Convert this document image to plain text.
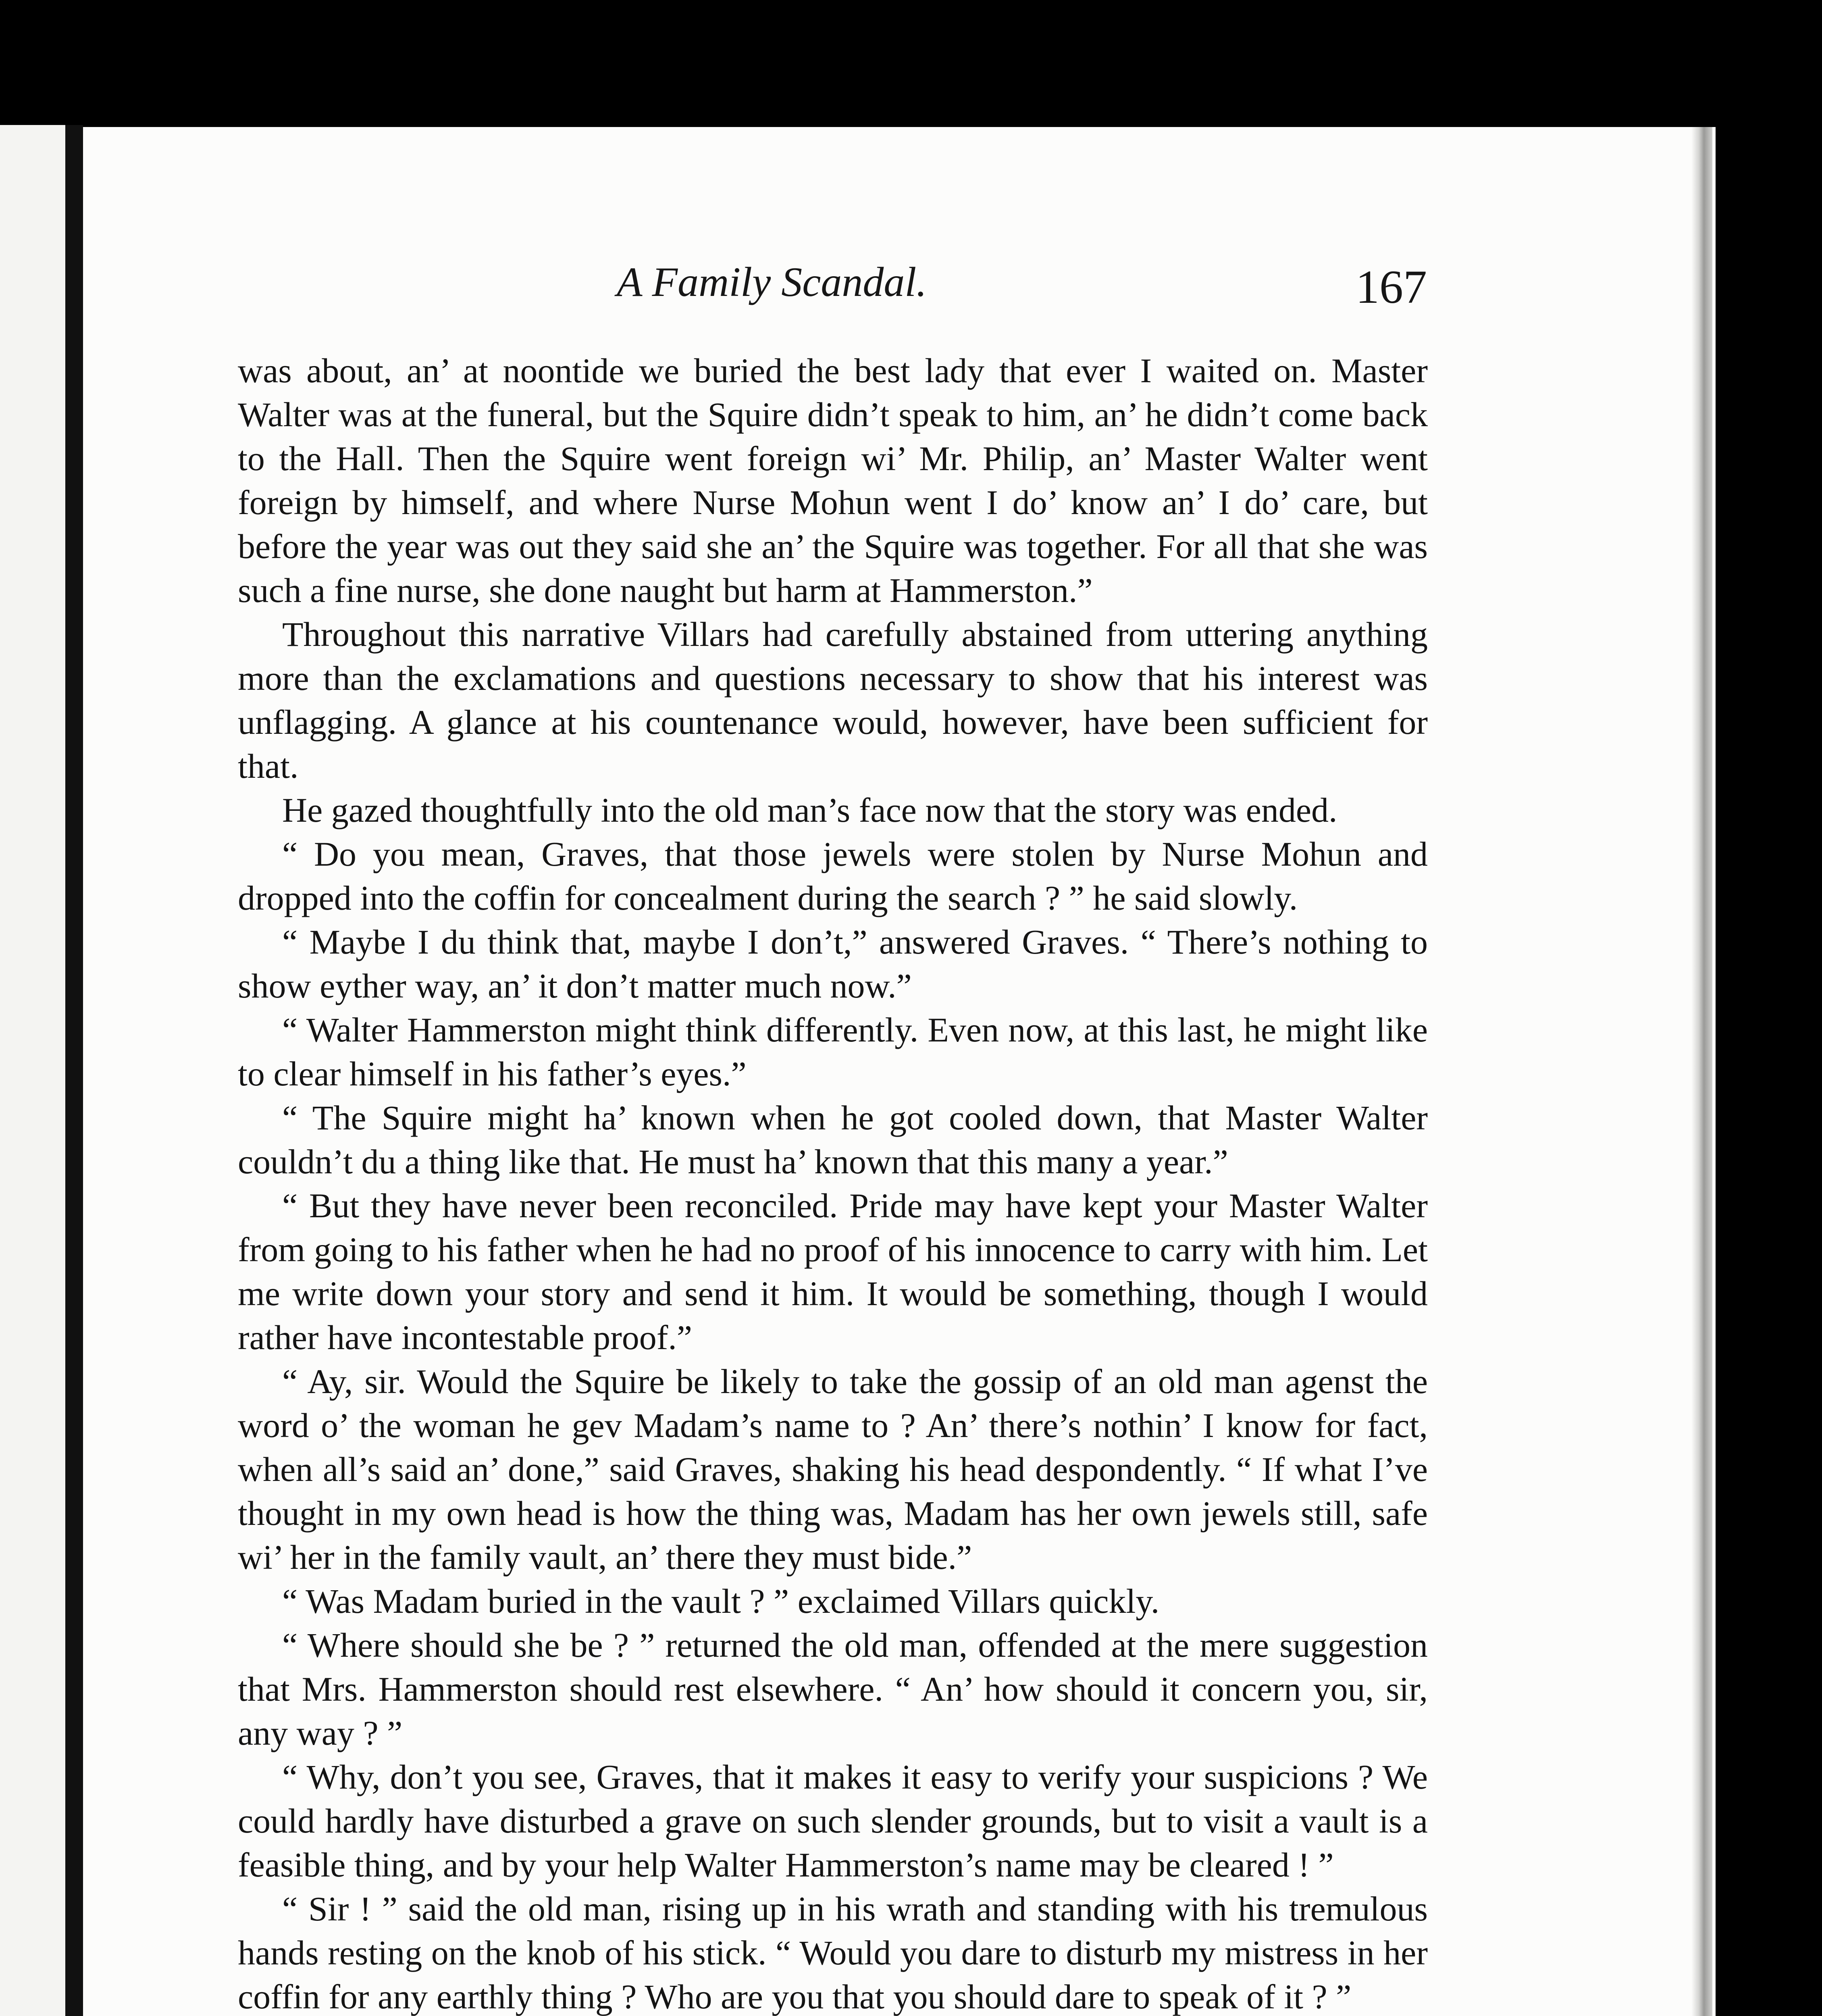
A Family Scandal.	167

was about, an’ at noontide we buried the best lady that ever I waited on. Master Walter was at the funeral, but the Squire didn’t speak to him, an’ he didn’t come back to the Hall. Then the Squire went foreign wi’ Mr. Philip, an’ Master Walter went foreign by himself, and where Nurse Mohun went I do’ know an’ I do’ care, but before the year was out they said she an’ the Squire was together. For all that she was such a fine nurse, she done naught but harm at Hammerston.”

Throughout this narrative Villars had carefully abstained from uttering anything more than the exclamations and questions necessary to show that his interest was unflagging. A glance at his countenance would, however, have been sufficient for that.

He gazed thoughtfully into the old man’s face now that the story was ended.

“ Do you mean, Graves, that those jewels were stolen by Nurse Mohun and dropped into the coffin for concealment during the search ? ” he said slowly.

“ Maybe I du think that, maybe I don’t,” answered Graves. “ There’s nothing to show eyther way, an’ it don’t matter much now.”

“ Walter Hammerston might think differently. Even now, at this last, he might like to clear himself in his father’s eyes.”

“ The Squire might ha’ known when he got cooled down, that Master Walter couldn’t du a thing like that. He must ha’ known that this many a year.”

“ But they have never been reconciled. Pride may have kept your Master Walter from going to his father when he had no proof of his innocence to carry with him. Let me write down your story and send it him. It would be something, though I would rather have incontestable proof.”

“ Ay, sir. Would the Squire be likely to take the gossip of an old man agenst the word o’ the woman he gev Madam’s name to ? An’ there’s nothin’ I know for fact, when all’s said an’ done,” said Graves, shaking his head despondently. “ If what I’ve thought in my own head is how the thing was, Madam has her own jewels still, safe wi’ her in the family vault, an’ there they must bide.”

“ Was Madam buried in the vault ? ” exclaimed Villars quickly.

“ Where should she be ? ” returned the old man, offended at the mere suggestion that Mrs. Hammerston should rest elsewhere. “ An’ how should it concern you, sir, any way ? ”

“ Why, don’t you see, Graves, that it makes it easy to verify your suspicions ? We could hardly have disturbed a grave on such slender grounds, but to visit a vault is a feasible thing, and by your help Walter Hammerston’s name may be cleared ! ”

“ Sir ! ” said the old man, rising up in his wrath and standing with his tremulous hands resting on the knob of his stick. “ Would you dare to disturb my mistress in her coffin for any earthly thing ? Who are you that you should dare to speak of it ? ”
